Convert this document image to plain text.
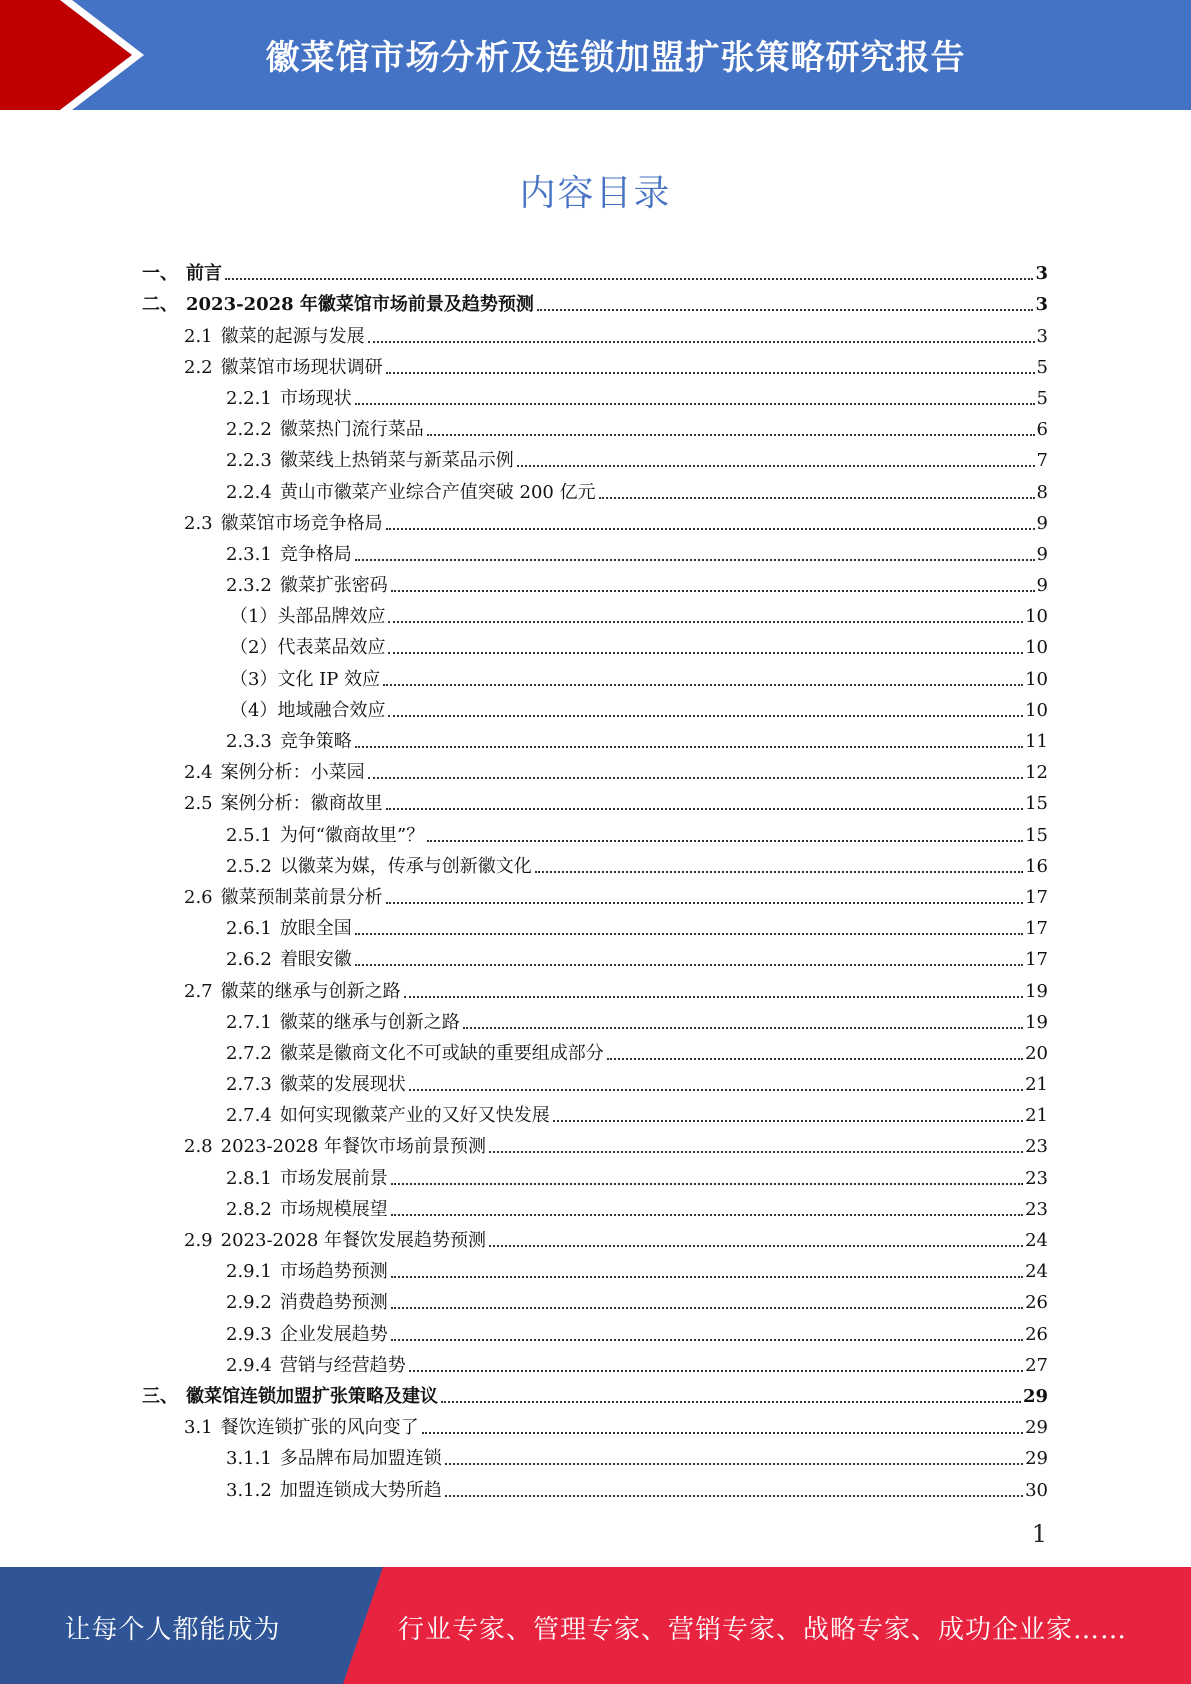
徽菜馆市场分析及连锁加盟扩张策略研究报告
内容目录
一、 前言	3
二、 2023-2028 年徽菜馆市场前景及趋势预测	3
2.1 徽菜的起源与发展	3
2.2 徽菜馆市场现状调研	5
2.2.1 市场现状	5
2.2.2 徽菜热门流行菜品	6
2.2.3 徽菜线上热销菜与新菜品示例	7
2.2.4 黄山市徽菜产业综合产值突破 200 亿元	8
2.3 徽菜馆市场竞争格局	9
2.3.1 竞争格局	9
2.3.2 徽菜扩张密码	9
（1） 头部品牌效应	10
（2） 代表菜品效应	10
（3） 文化 IP 效应	10
（4） 地域融合效应	10
2.3.3 竞争策略	11
2.4 案例分析：小菜园	12
2.5 案例分析：徽商故里	15
2.5.1 为何“徽商故里”？	15
2.5.2 以徽菜为媒，传承与创新徽文化	16
2.6 徽菜预制菜前景分析	17
2.6.1 放眼全国	17
2.6.2 着眼安徽	17
2.7 徽菜的继承与创新之路	19
2.7.1 徽菜的继承与创新之路	19
2.7.2 徽菜是徽商文化不可或缺的重要组成部分	20
2.7.3 徽菜的发展现状	21
2.7.4 如何实现徽菜产业的又好又快发展	21
2.8 2023-2028 年餐饮市场前景预测	23
2.8.1 市场发展前景	23
2.8.2 市场规模展望	23
2.9 2023-2028 年餐饮发展趋势预测	24
2.9.1 市场趋势预测	24
2.9.2 消费趋势预测	26
2.9.3 企业发展趋势	26
2.9.4 营销与经营趋势	27
三、 徽菜馆连锁加盟扩张策略及建议	29
3.1 餐饮连锁扩张的风向变了	29
3.1.1 多品牌布局加盟连锁	29
3.1.2 加盟连锁成大势所趋	30
1
让每个人都能成为	行业专家、管理专家、营销专家、战略专家、成功企业家……
